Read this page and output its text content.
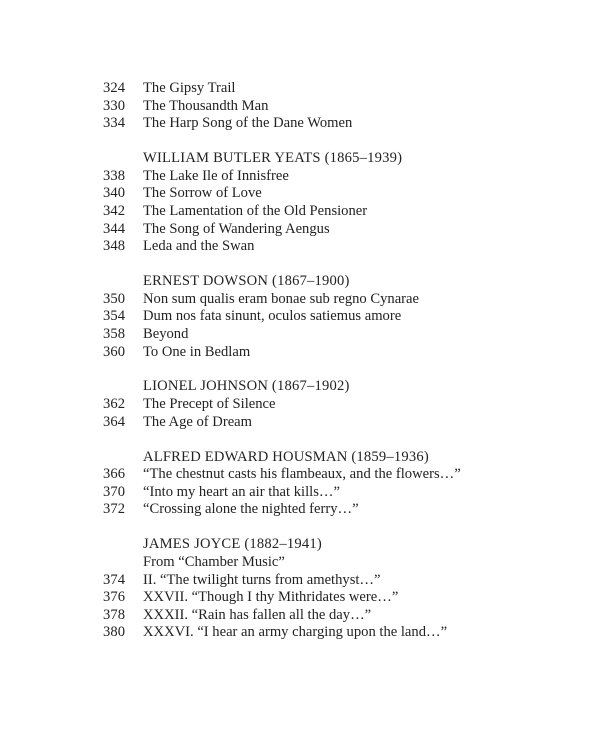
324	The Gipsy Trail
330	The Thousandth Man
334	The Harp Song of the Dane Women
WILLIAM BUTLER YEATS (1865–1939)
338	The Lake Ile of Innisfree
340	The Sorrow of Love
342	The Lamentation of the Old Pensioner
344	The Song of Wandering Aengus
348	Leda and the Swan
ERNEST DOWSON (1867–1900)
350	Non sum qualis eram bonae sub regno Cynarae
354	Dum nos fata sinunt, oculos satiemus amore
358	Beyond
360	To One in Bedlam
LIONEL JOHNSON (1867–1902)
362	The Precept of Silence
364	The Age of Dream
ALFRED EDWARD HOUSMAN (1859–1936)
366	“The chestnut casts his flambeaux, and the flowers…”
370	“Into my heart an air that kills…”
372	“Crossing alone the nighted ferry…”
JAMES JOYCE (1882–1941)
From “Chamber Music”
374	II. “The twilight turns from amethyst…”
376	XXVII. “Though I thy Mithridates were…”
378	XXXII. “Rain has fallen all the day…”
380	XXXVI. “I hear an army charging upon the land…”
